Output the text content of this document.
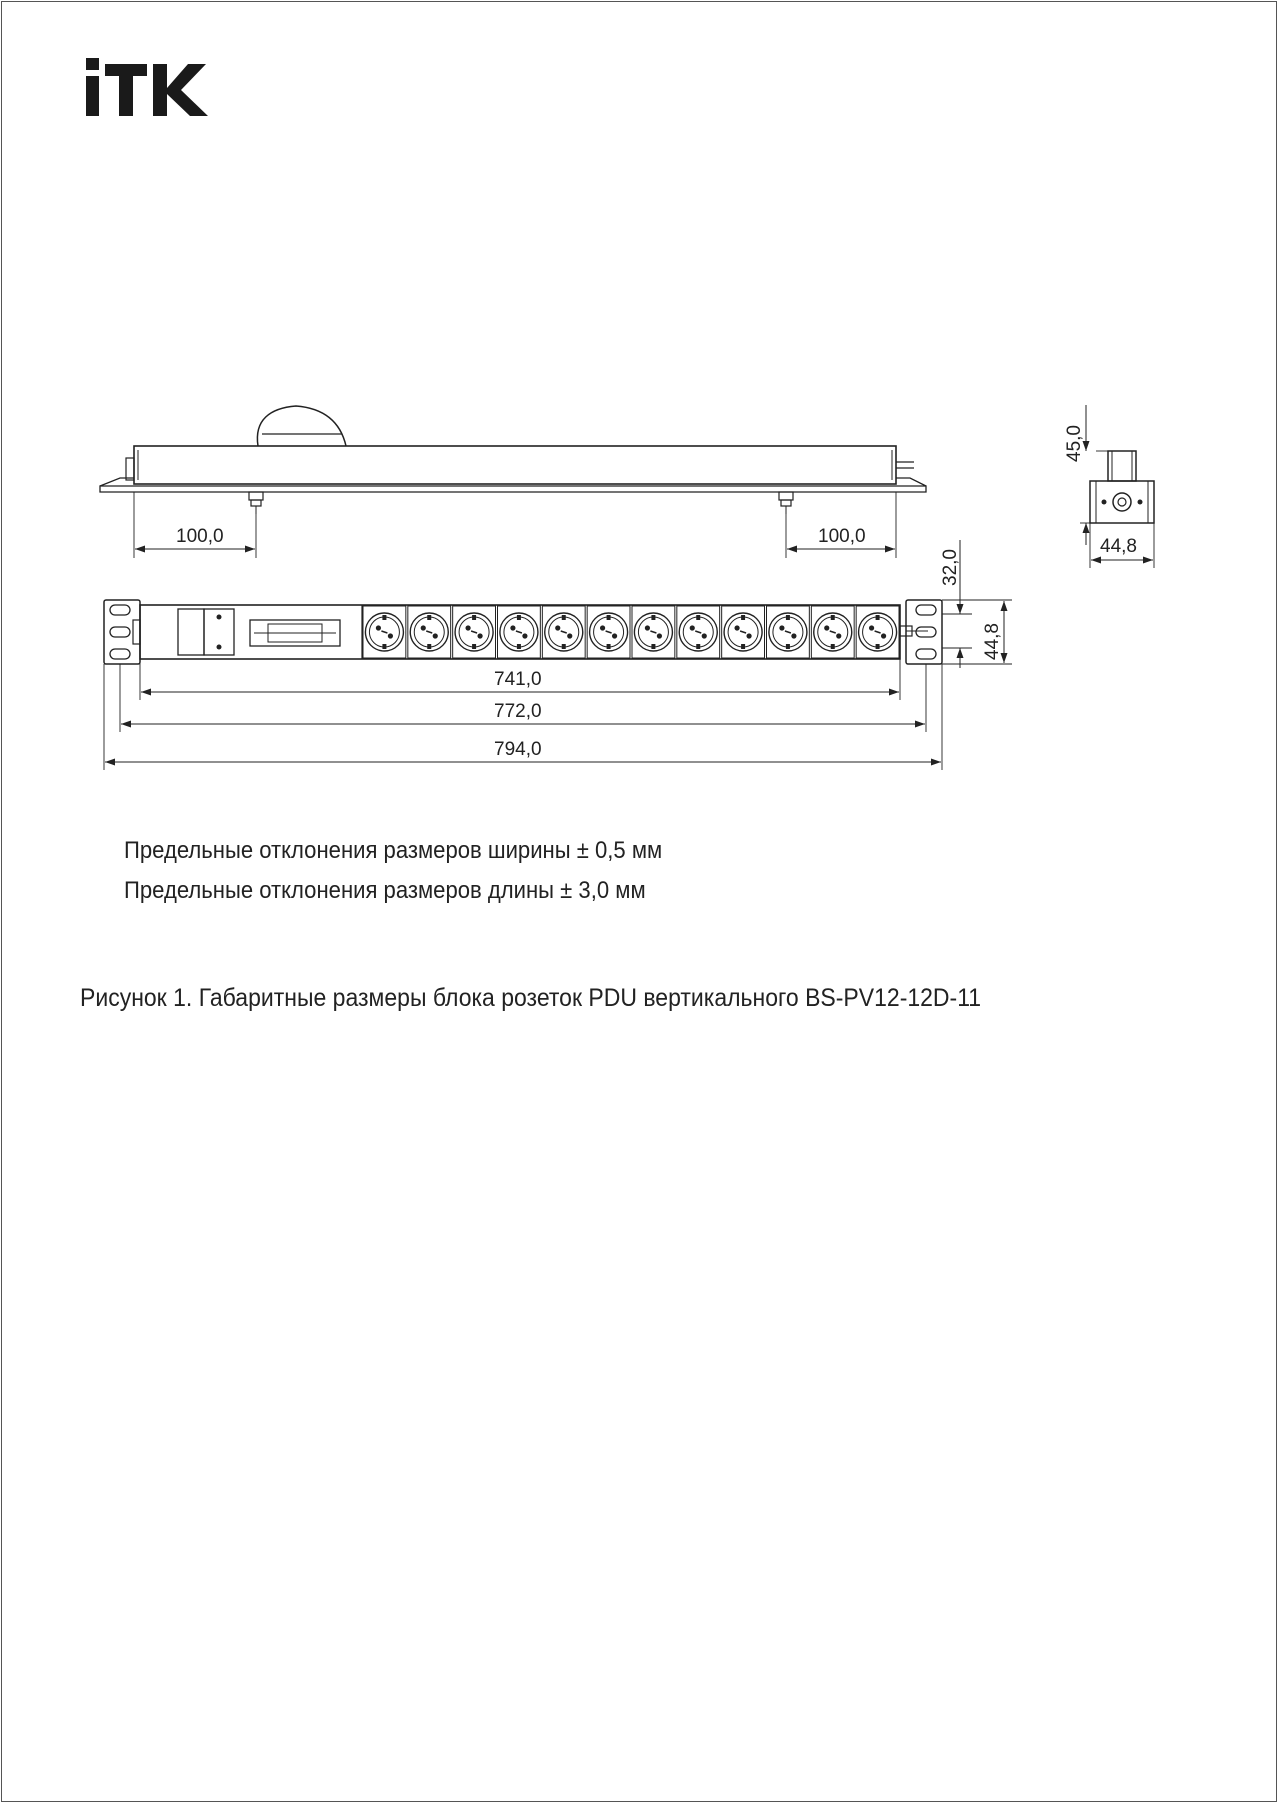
100,0	100,0
45,0
44,8
32,0
44,8
741,0
772,0
794,0
Предельные отклонения размеров ширины ± 0,5 мм
Предельные отклонения размеров длины ± 3,0 мм
Рисунок 1. Габаритные размеры блока розеток PDU вертикального BS-PV12-12D-11
